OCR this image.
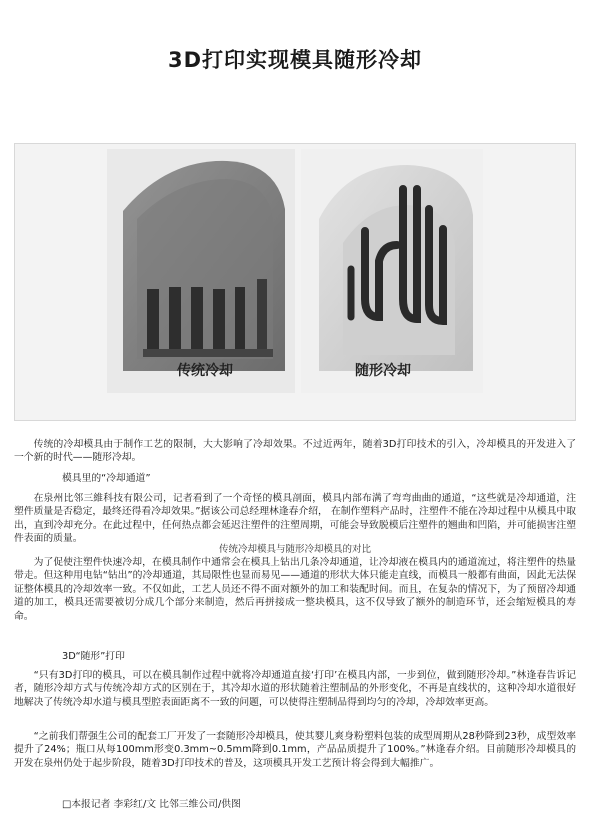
3D打印实现模具随形冷却
传统冷却	随形冷却
传统冷却模具与随形冷却模具的对比

传统的冷却模具由于制作工艺的限制，大大影响了冷却效果。不过近两年，随着3D打印技术的引入，冷却模具的开发进入了一个新的时代——随形冷却。

模具里的“冷却通道”

在泉州比邻三維科技有限公司，记者看到了一个奇怪的模具剖面，模具内部布满了弯弯曲曲的通道，“这些就是冷却通道，注塑件质量是否稳定，最终还得看冷却效果。”据该公司总经理林逢春介绍， 在制作塑料产品时，注塑件不能在冷却过程中从模具中取出，直到冷却充分。在此过程中，任何热点都会延迟注塑件的注塑周期，可能会导致脱模后注塑件的翘曲和凹陷，并可能损害注塑件表面的质量。

为了促使注塑件快速冷却，在模具制作中通常会在模具上钻出几条冷却通道，让冷却液在模具内的通道流过，将注塑件的热量带走。但这种用电钻“钻出”的冷却通道，其局限性也显而易见——通道的形状大体只能走直线，而模具一般都有曲面，因此无法保证整体模具的冷却效率一致。不仅如此，工艺人员还不得不面对额外的加工和装配时间。而且，在复杂的情况下，为了预留冷却通道的加工，模具还需要被切分成几个部分来制造，然后再拼接成一整块模具，这不仅导致了额外的制造环节，还会缩短模具的寿命。

3D“随形”打印

“只有3D打印的模具，可以在模具制作过程中就将冷却通道直接‘打印’在模具内部，一步到位，做到随形冷却。”林逢春告诉记者，随形冷却方式与传统冷却方式的区别在于，其冷却水道的形状随着注塑制品的外形变化，不再是直线状的，这种冷却水道很好地解决了传统冷却水道与模具型腔表面距离不一致的问题，可以使得注塑制品得到均匀的冷却，冷却效率更高。

“之前我们帮强生公司的配套工厂开发了一套随形冷却模具，使其婴儿爽身粉塑料包装的成型周期从28秒降到23秒，成型效率提升了24%；瓶口从每100mm形变0.3mm~0.5mm降到0.1mm，产品品质提升了100%。”林逢春介绍。目前随形冷却模具的开发在泉州仍处于起步阶段，随着3D打印技术的普及，这项模具开发工艺预计将会得到大幅推广。

□本报记者 李彩红/文 比邻三维公司/供图
